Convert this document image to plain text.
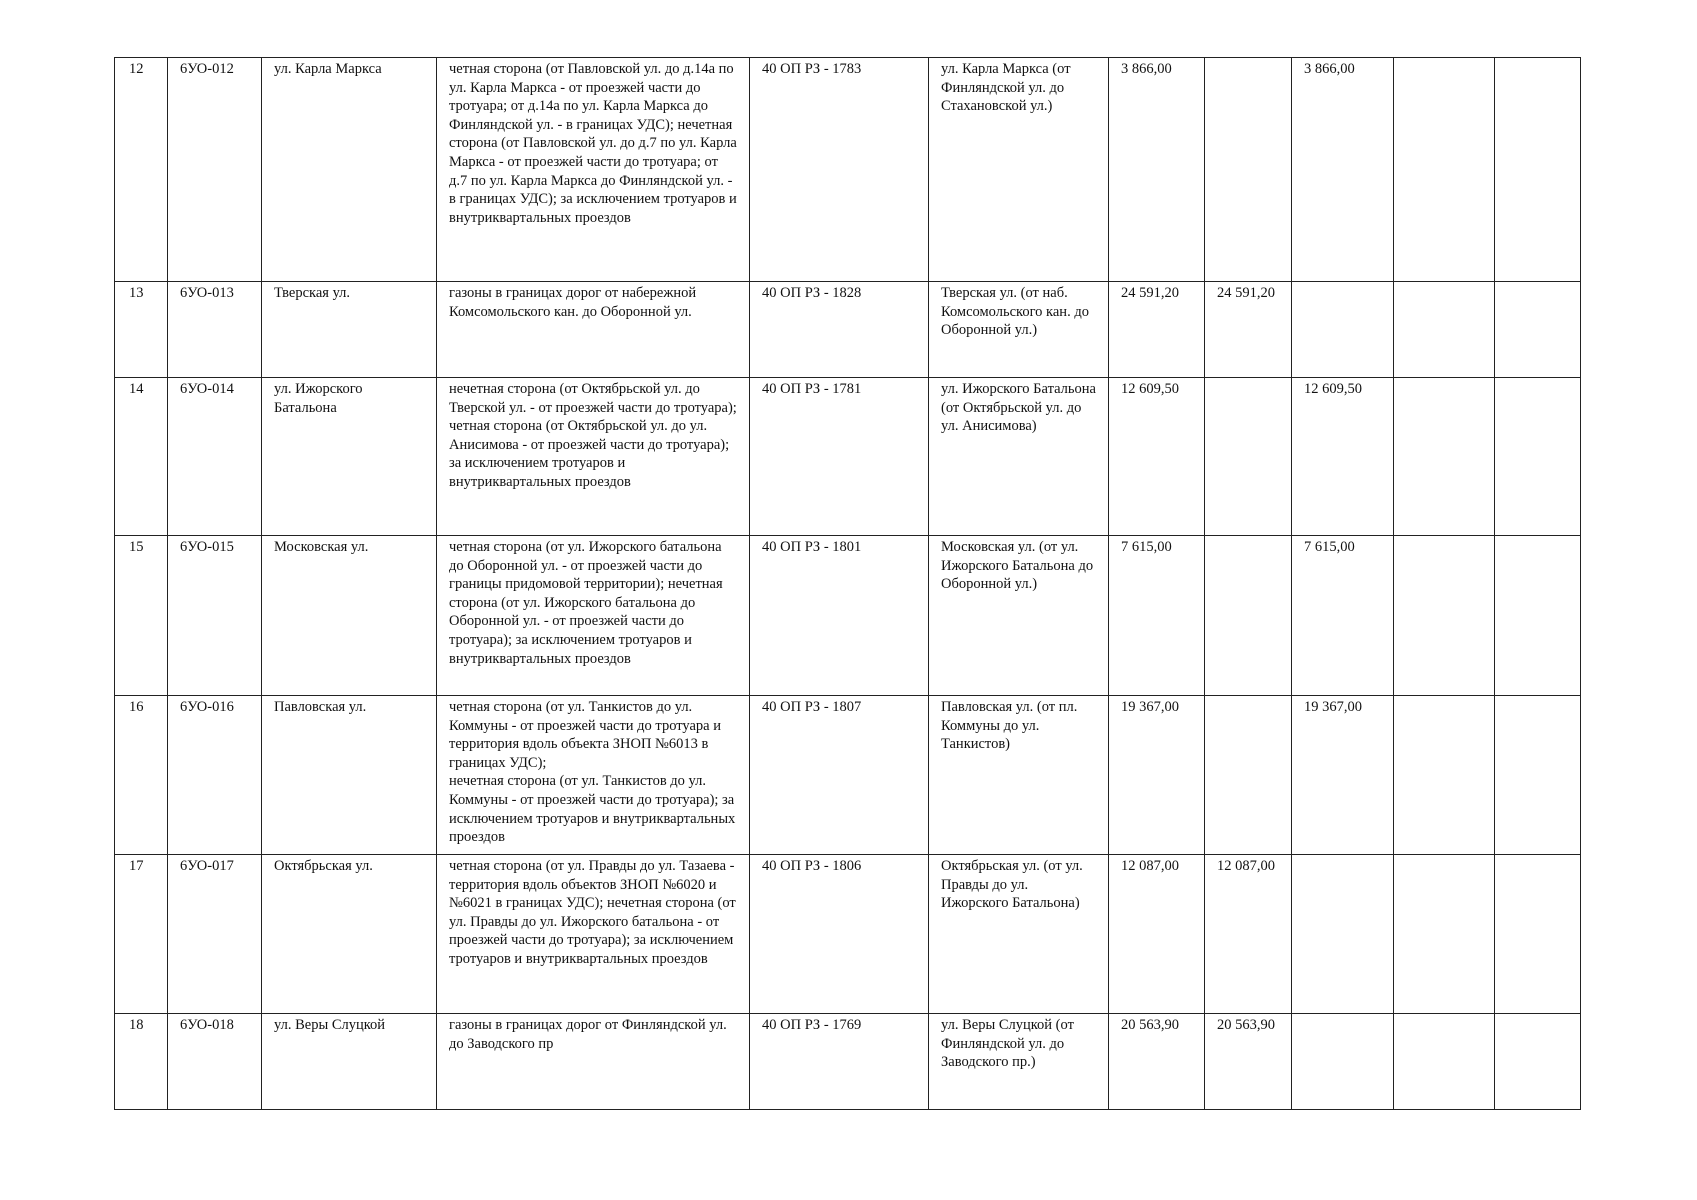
12	6УО-012	ул. Карла Маркса	четная сторона (от Павловской ул. до д.14а по ул. Карла Маркса - от проезжей части до тротуара; от д.14а по ул. Карла Маркса до Финляндской ул. - в границах УДС); нечетная сторона (от Павловской ул. до д.7 по ул. Карла Маркса - от проезжей части до тротуара; от д.7 по ул. Карла Маркса до Финляндской ул. - в границах УДС); за исключением тротуаров и внутриквартальных проездов	40 ОП РЗ - 1783	ул. Карла Маркса (от Финляндской ул. до Стахановской ул.)	3 866,00		3 866,00		
13	6УО-013	Тверская ул.	газоны в границах дорог от набережной Комсомольского кан. до Оборонной ул.	40 ОП РЗ - 1828	Тверская ул. (от наб. Комсомольского кан. до Оборонной ул.)	24 591,20	24 591,20			
14	6УО-014	ул. Ижорского Батальона	нечетная сторона (от Октябрьской ул. до Тверской ул. - от проезжей части до тротуара);
четная сторона (от Октябрьской ул. до ул. Анисимова - от проезжей части до тротуара); за исключением тротуаров и внутриквартальных проездов	40 ОП РЗ - 1781	ул. Ижорского Батальона (от Октябрьской ул. до ул. Анисимова)	12 609,50		12 609,50		
15	6УО-015	Московская ул.	четная сторона (от ул. Ижорского батальона до Оборонной ул. - от проезжей части до границы придомовой территории); нечетная сторона (от ул. Ижорского батальона до Оборонной ул. - от проезжей части до тротуара); за исключением тротуаров и внутриквартальных проездов	40 ОП РЗ - 1801	Московская ул. (от ул. Ижорского Батальона до Оборонной ул.)	7 615,00		7 615,00		
16	6УО-016	Павловская ул.	четная сторона (от ул. Танкистов до ул. Коммуны - от проезжей части до тротуара и территория вдоль объекта ЗНОП №6013 в границах УДС);
нечетная сторона (от ул. Танкистов до ул. Коммуны - от проезжей части до тротуара); за исключением тротуаров и внутриквартальных проездов	40 ОП РЗ - 1807	Павловская ул. (от пл. Коммуны до ул. Танкистов)	19 367,00		19 367,00		
17	6УО-017	Октябрьская ул.	четная сторона (от ул. Правды до ул. Тазаева - территория вдоль объектов ЗНОП №6020 и №6021 в границах УДС); нечетная сторона (от ул. Правды до ул. Ижорского батальона - от проезжей части до тротуара); за исключением тротуаров и внутриквартальных проездов	40 ОП РЗ - 1806	Октябрьская ул. (от ул. Правды до ул. Ижорского Батальона)	12 087,00	12 087,00			
18	6УО-018	ул. Веры Слуцкой	газоны в границах дорог от Финляндской ул. до Заводского пр	40 ОП РЗ - 1769	ул. Веры Слуцкой (от Финляндской ул. до Заводского пр.)	20 563,90	20 563,90			
